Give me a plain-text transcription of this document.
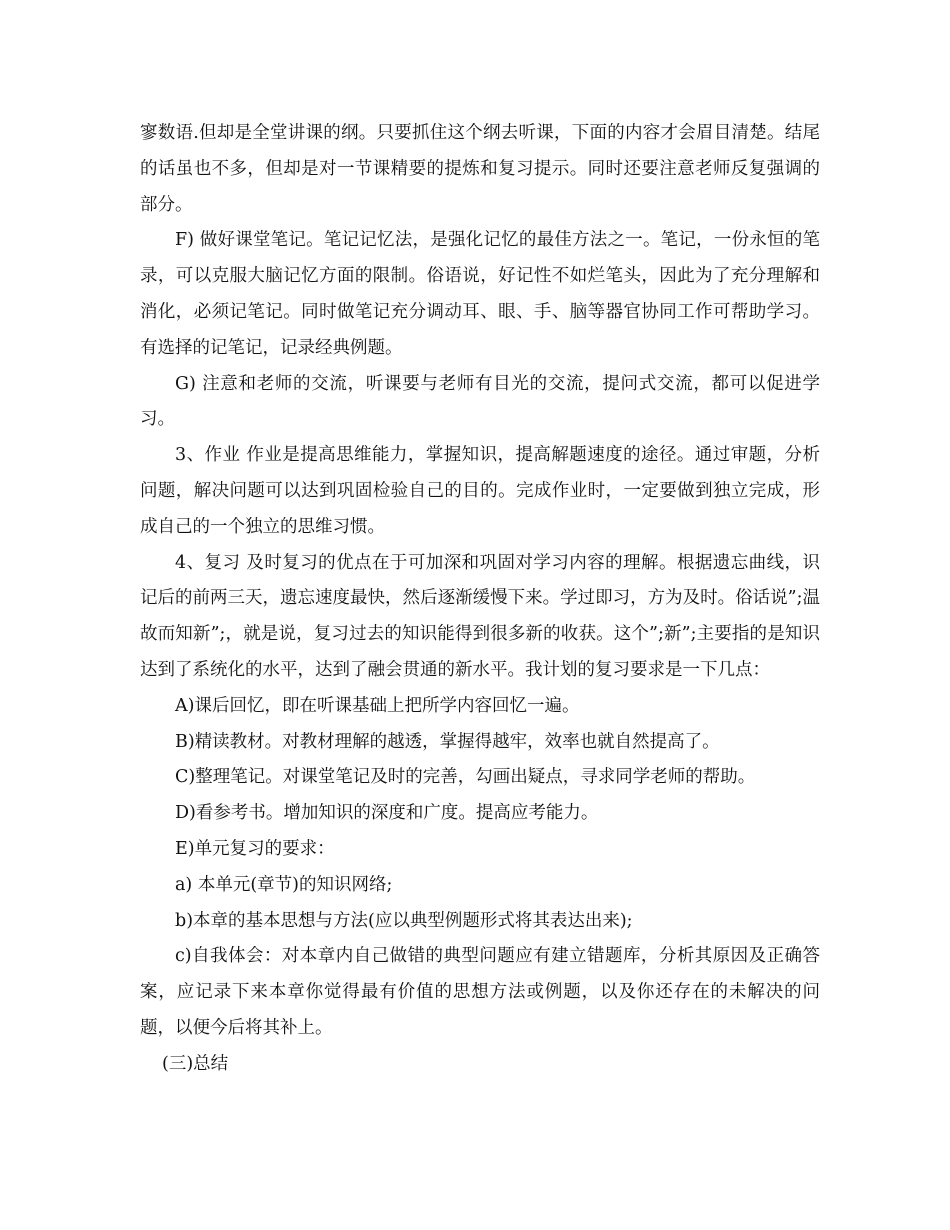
寥数语.但却是全堂讲课的纲。只要抓住这个纲去听课，下面的内容才会眉目清楚。结尾的话虽也不多，但却是对一节课精要的提炼和复习提示。同时还要注意老师反复强调的部分。

F) 做好课堂笔记。笔记记忆法，是强化记忆的最佳方法之一。笔记，一份永恒的笔录，可以克服大脑记忆方面的限制。俗语说，好记性不如烂笔头，因此为了充分理解和消化，必须记笔记。同时做笔记充分调动耳、眼、手、脑等器官协同工作可帮助学习。有选择的记笔记，记录经典例题。

G) 注意和老师的交流，听课要与老师有目光的交流，提问式交流，都可以促进学习。

3、作业 作业是提高思维能力，掌握知识，提高解题速度的途径。通过审题，分析问题，解决问题可以达到巩固检验自己的目的。完成作业时，一定要做到独立完成，形成自己的一个独立的思维习惯。

4、复习 及时复习的优点在于可加深和巩固对学习内容的理解。根据遗忘曲线，识记后的前两三天，遗忘速度最快，然后逐渐缓慢下来。学过即习，方为及时。俗话说”;温故而知新”;，就是说，复习过去的知识能得到很多新的收获。这个”;新”;主要指的是知识达到了系统化的水平，达到了融会贯通的新水平。我计划的复习要求是一下几点：

A)课后回忆，即在听课基础上把所学内容回忆一遍。

B)精读教材。对教材理解的越透，掌握得越牢，效率也就自然提高了。

C)整理笔记。对课堂笔记及时的完善，勾画出疑点，寻求同学老师的帮助。

D)看参考书。增加知识的深度和广度。提高应考能力。

E)单元复习的要求：

a) 本单元(章节)的知识网络;

b)本章的基本思想与方法(应以典型例题形式将其表达出来);

c)自我体会：对本章内自己做错的典型问题应有建立错题库，分析其原因及正确答案，应记录下来本章你觉得最有价值的思想方法或例题，以及你还存在的未解决的问题，以便今后将其补上。

(三)总结
